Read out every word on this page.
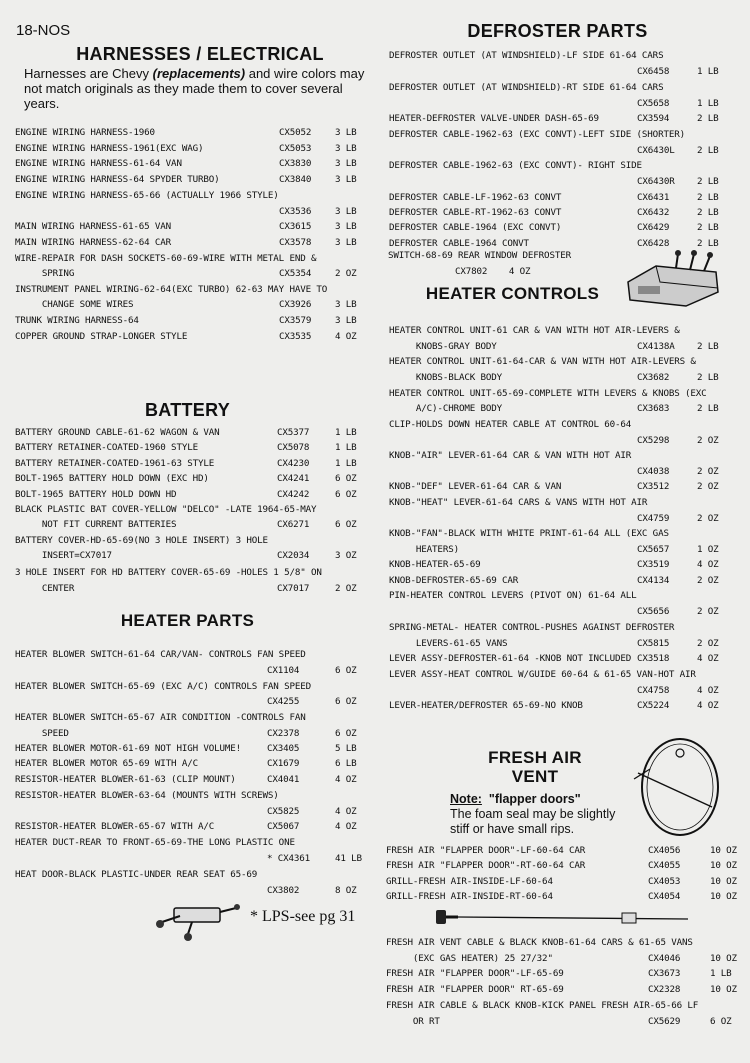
18-NOS
HARNESSES / ELECTRICAL
Harnesses are Chevy (replacements) and wire colors may not match originals as they made them to cover several years.
ENGINE WIRING HARNESS-1960	CX5052	3 LB
ENGINE WIRING HARNESS-1961(EXC WAG)	CX5053	3 LB
ENGINE WIRING HARNESS-61-64 VAN	CX3830	3 LB
ENGINE WIRING HARNESS-64 SPYDER TURBO)	CX3840	3 LB
ENGINE WIRING HARNESS-65-66 (ACTUALLY 1966 STYLE)
CX3536	3 LB
MAIN WIRING HARNESS-61-65 VAN	CX3615	3 LB
MAIN WIRING HARNESS-62-64 CAR	CX3578	3 LB
WIRE-REPAIR FOR DASH SOCKETS-60-69-WIRE WITH METAL END &
SPRING	CX5354	2 OZ
INSTRUMENT PANEL WIRING-62-64(EXC TURBO) 62-63 MAY HAVE TO
CHANGE SOME WIRES	CX3926	3 LB
TRUNK WIRING HARNESS-64	CX3579	3 LB
COPPER GROUND STRAP-LONGER STYLE	CX3535	4 OZ
BATTERY
BATTERY GROUND CABLE-61-62 WAGON & VAN	CX5377	1 LB
BATTERY RETAINER-COATED-1960 STYLE	CX5078	1 LB
BATTERY RETAINER-COATED-1961-63 STYLE	CX4230	1 LB
BOLT-1965 BATTERY HOLD DOWN (EXC HD)	CX4241	6 OZ
BOLT-1965 BATTERY HOLD DOWN HD	CX4242	6 OZ
BLACK PLASTIC BAT COVER-YELLOW "DELCO" -LATE 1964-65-MAY
NOT FIT CURRENT BATTERIES	CX6271	6 OZ
BATTERY COVER-HD-65-69(NO 3 HOLE INSERT) 3 HOLE
INSERT=CX7017	CX2034	3 OZ
3 HOLE INSERT FOR HD BATTERY COVER-65-69 -HOLES 1 5/8" ON
CENTER	CX7017	2 OZ
HEATER PARTS
HEATER BLOWER SWITCH-61-64 CAR/VAN- CONTROLS FAN SPEED
CX1104	6 OZ
HEATER BLOWER SWITCH-65-69 (EXC A/C) CONTROLS FAN SPEED
CX4255	6 OZ
HEATER BLOWER SWITCH-65-67 AIR CONDITION -CONTROLS FAN
SPEED	CX2378	6 OZ
HEATER BLOWER MOTOR-61-69 NOT HIGH VOLUME!	CX3405	5 LB
HEATER BLOWER MOTOR 65-69 WITH A/C	CX1679	6 LB
RESISTOR-HEATER BLOWER-61-63 (CLIP MOUNT)	CX4041	4 OZ
RESISTOR-HEATER BLOWER-63-64 (MOUNTS WITH SCREWS)
CX5825	4 OZ
RESISTOR-HEATER BLOWER-65-67 WITH A/C	CX5067	4 OZ
HEATER DUCT-REAR TO FRONT-65-69-THE LONG PLASTIC ONE
* CX4361	41 LB
HEAT DOOR-BLACK PLASTIC-UNDER REAR SEAT 65-69
CX3802	8 OZ
* LPS-see pg 31
DEFROSTER PARTS
DEFROSTER OUTLET (AT WINDSHIELD)-LF SIDE 61-64 CARS
CX6458	1 LB
DEFROSTER OUTLET (AT WINDSHIELD)-RT SIDE 61-64 CARS
CX5658	1 LB
HEATER-DEFROSTER VALVE-UNDER DASH-65-69	CX3594	2 LB
DEFROSTER CABLE-1962-63 (EXC CONVT)-LEFT SIDE (SHORTER)
CX6430L 2 LB
DEFROSTER CABLE-1962-63 (EXC CONVT)- RIGHT SIDE
CX6430R 2 LB
DEFROSTER CABLE-LF-1962-63 CONVT	CX6431	2 LB
DEFROSTER CABLE-RT-1962-63 CONVT	CX6432	2 LB
DEFROSTER CABLE-1964 (EXC CONVT)	CX6429	2 LB
DEFROSTER CABLE-1964 CONVT	CX6428	2 LB
SWITCH-68-69 REAR WINDOW DEFROSTER
CX7802 4 OZ
HEATER CONTROLS
HEATER CONTROL UNIT-61 CAR & VAN WITH HOT AIR-LEVERS &
KNOBS-GRAY BODY	CX4138A 2 LB
HEATER CONTROL UNIT-61-64-CAR & VAN WITH HOT AIR-LEVERS &
KNOBS-BLACK BODY	CX3682	2 LB
HEATER CONTROL UNIT-65-69-COMPLETE WITH LEVERS & KNOBS (EXC
A/C)-CHROME BODY	CX3683	2 LB
CLIP-HOLDS DOWN HEATER CABLE AT CONTROL 60-64
CX5298	2 OZ
KNOB-"AIR" LEVER-61-64 CAR & VAN WITH HOT AIR
CX4038	2 OZ
KNOB-"DEF" LEVER-61-64 CAR & VAN	CX3512	2 OZ
KNOB-"HEAT" LEVER-61-64 CARS & VANS WITH HOT AIR
CX4759	2 OZ
KNOB-"FAN"-BLACK WITH WHITE PRINT-61-64 ALL (EXC GAS
HEATERS)	CX5657	1 OZ
KNOB-HEATER-65-69	CX3519	4 OZ
KNOB-DEFROSTER-65-69 CAR	CX4134	2 OZ
PIN-HEATER CONTROL LEVERS (PIVOT ON) 61-64 ALL
CX5656	2 OZ
SPRING-METAL- HEATER CONTROL-PUSHES AGAINST DEFROSTER
LEVERS-61-65 VANS	CX5815	2 OZ
LEVER ASSY-DEFROSTER-61-64 -KNOB NOT INCLUDED CX3518	4 OZ
LEVER ASSY-HEAT CONTROL W/GUIDE 60-64 & 61-65 VAN-HOT AIR
CX4758	4 OZ
LEVER-HEATER/DEFROSTER 65-69-NO KNOB	CX5224	4 OZ
FRESH AIR
VENT
Note: "flapper doors"
The foam seal may be slightly
stiff or have small rips.
FRESH AIR "FLAPPER DOOR"-LF-60-64 CAR	CX4056	10 OZ
FRESH AIR "FLAPPER DOOR"-RT-60-64 CAR	CX4055	10 OZ
GRILL-FRESH AIR-INSIDE-LF-60-64	CX4053	10 OZ
GRILL-FRESH AIR-INSIDE-RT-60-64	CX4054	10 OZ
FRESH AIR VENT CABLE & BLACK KNOB-61-64 CARS & 61-65 VANS
(EXC GAS HEATER) 25 27/32"	CX4046	10 OZ
FRESH AIR "FLAPPER DOOR"-LF-65-69	CX3673	1 LB
FRESH AIR "FLAPPER DOOR" RT-65-69	CX2328	10 OZ
FRESH AIR CABLE & BLACK KNOB-KICK PANEL FRESH AIR-65-66 LF
OR RT	CX5629	6 OZ
